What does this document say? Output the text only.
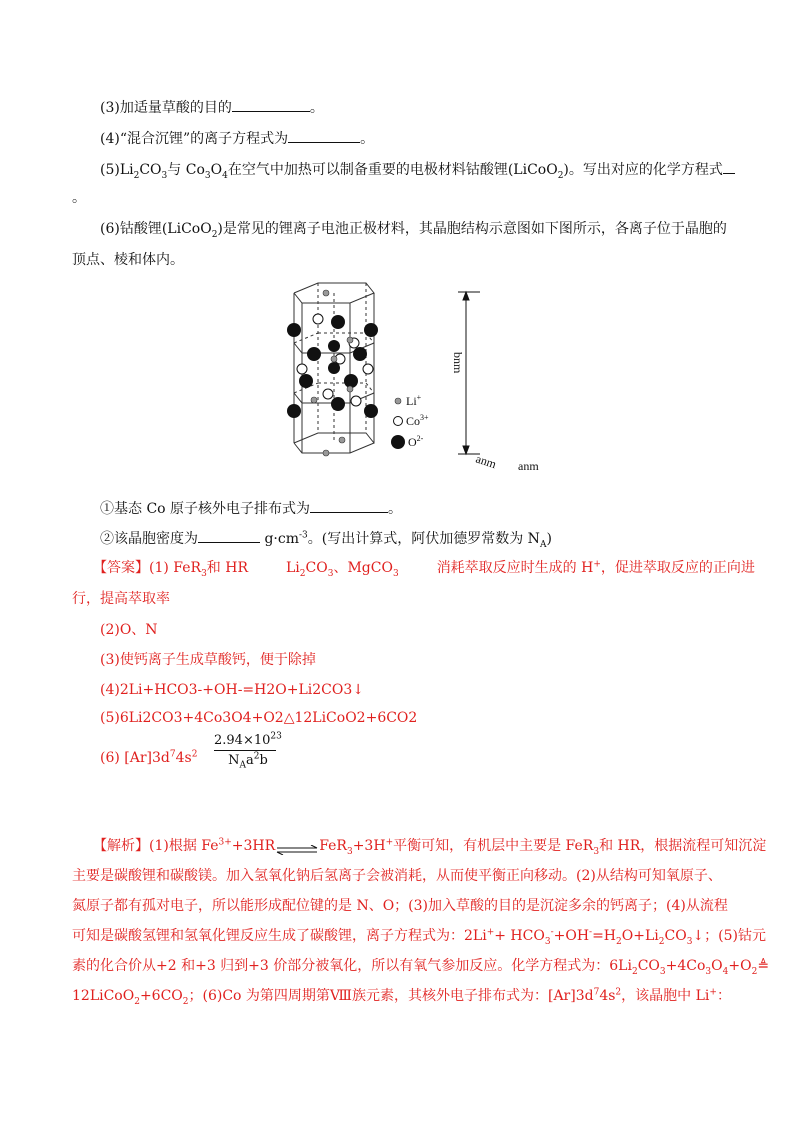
(3)加适量草酸的目的	。
(4)“混合沉锂”的离子方程式为	。
$(5)Li_2CO_3$与 $Co_3O_4$在空气中加热可以制备重要的电极材料钴酸锂(LiCoO$_2$)。写出对应的化学方程式
。
(6)钴酸锂(LiCoO$_2$)是常见的锂离子电池正极材料，其晶胞结构示意图如下图所示，各离子位于晶胞的
顶点、棱和体内。
Li+
$Co^{3+}$
$O^{2-}$
bnm
anm anm
①基态 Co 原子核外电子排布式为	。
②该晶胞密度为	$g\cdot cm^{-3}$。(写出计算式，阿伏加德罗常数为 $N_A$)
【答案】(1) FeR$_3$和 HR	$Li_2CO_3$、MgCO$_3$	消耗萃取反应时生成的 H+，促进萃取反应的正向进
行，提高萃取率
(2)O、N
(3)使钙离子生成草酸钙，便于除掉
(4)2Li+HCO3-+OH-=H2O+Li2CO3↓
(5)6Li2CO3+4Co3O4+O2△12LiCoO2+6CO2
(6) $[Ar]3d^74s^2$
$2.94\times 10^{23}$
$N_Aa^2b$
【解析】(1)根据 $Fe^{3+}+3HR\rightleftharpoons FeR_3+3H^+$平衡可知，有机层中主要是 FeR$_3$和 HR，根据流程可知沉淀
主要是碳酸锂和碳酸镁。加入氢氧化钠后氢离子会被消耗，从而使平衡正向移动。(2)从结构可知氧原子、
氮原子都有孤对电子，所以能形成配位键的是 N、O；(3)加入草酸的目的是沉淀多余的钙离子；(4)从流程
可知是碳酸氢锂和氢氧化锂反应生成了碳酸锂，离子方程式为：$2Li^++ HCO_3^-+OH^-=H_2O+Li_2CO_3↓$；(5)钴元
素的化合价从+2 和+3 归到+3 价部分被氧化，所以有氧气参加反应。化学方程式为：$6Li_2CO_3+4Co_3O_4+O_2≜$
$12LiCoO_2+6CO_2$；(6)Co 为第四周期第Ⅷ族元素，其核外电子排布式为：$[Ar]3d^74s^2$，该晶胞中 Li+：
